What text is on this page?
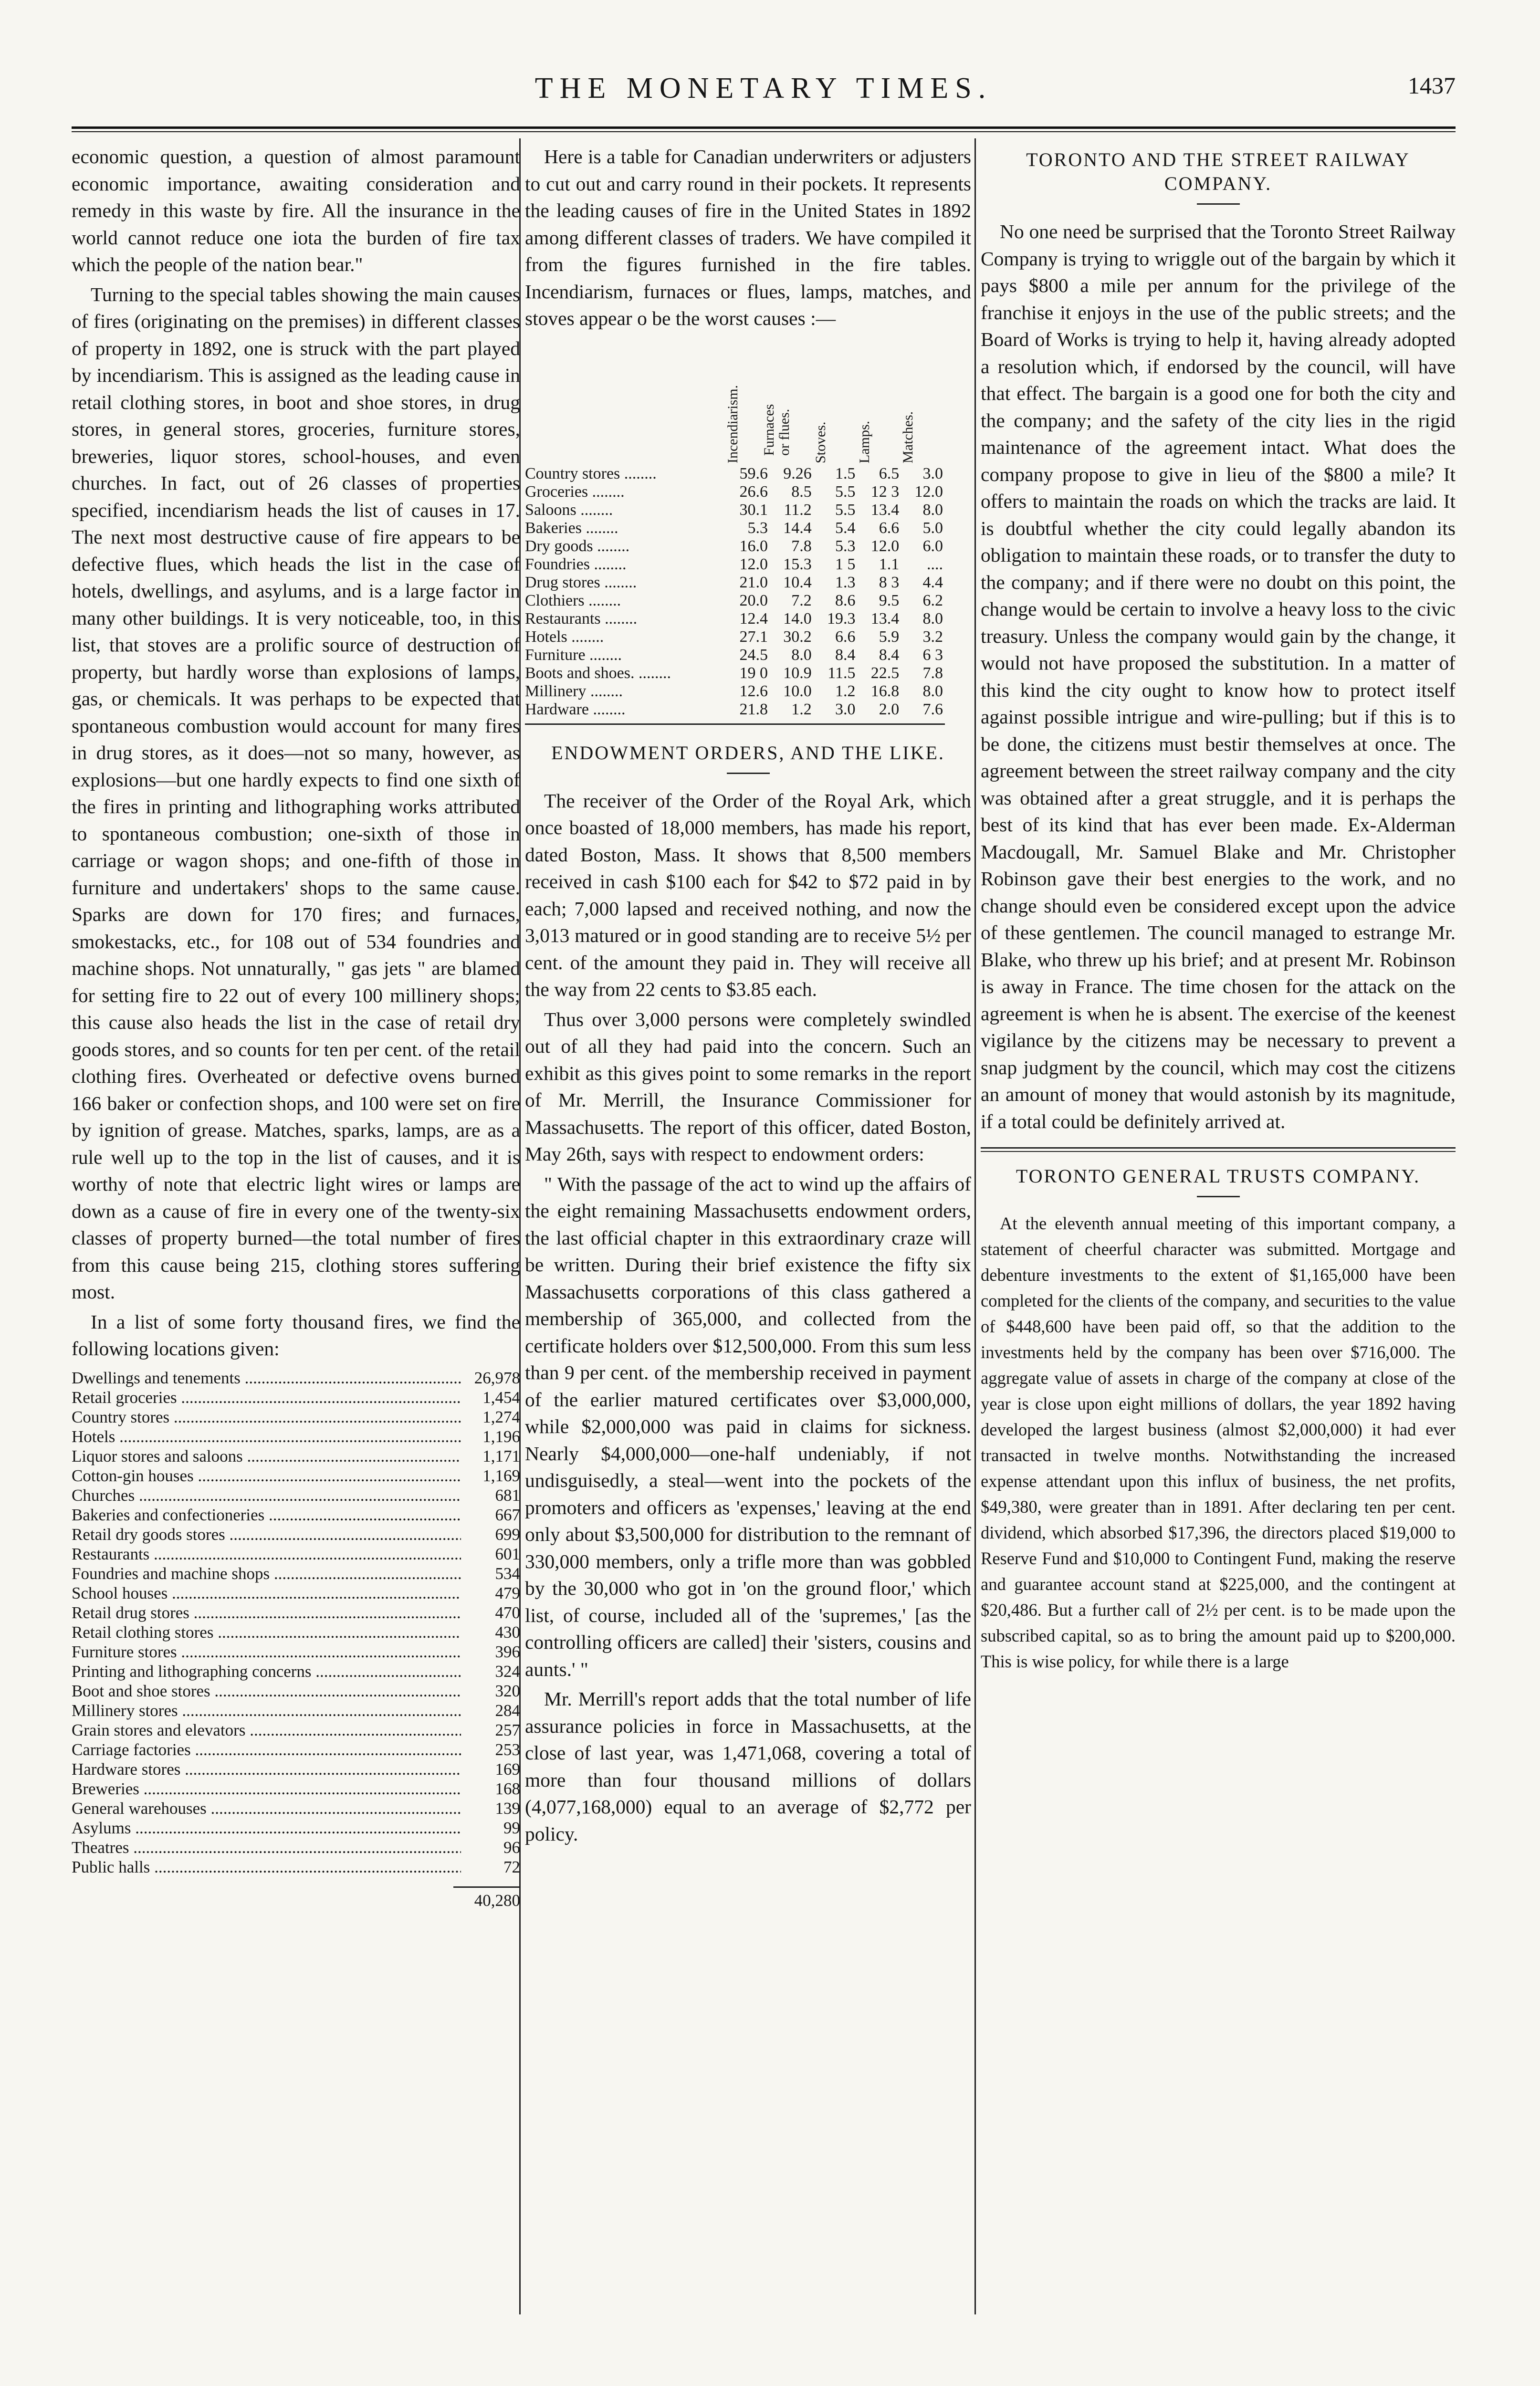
THE MONETARY TIMES.	1437

economic question, a question of almost paramount economic importance, awaiting consideration and remedy in this waste by fire. All the insurance in the world cannot reduce one iota the burden of fire tax which the people of the nation bear."

Turning to the special tables showing the main causes of fires (originating on the premises) in different classes of property in 1892, one is struck with the part played by incendiarism. This is assigned as the leading cause in retail clothing stores, in boot and shoe stores, in drug stores, in general stores, groceries, furniture stores, breweries, liquor stores, school-houses, and even churches. In fact, out of 26 classes of properties specified, incendiarism heads the list of causes in 17. The next most destructive cause of fire appears to be defective flues, which heads the list in the case of hotels, dwellings, and asylums, and is a large factor in many other buildings. It is very noticeable, too, in this list, that stoves are a prolific source of destruction of property, but hardly worse than explosions of lamps, gas, or chemicals. It was perhaps to be expected that spontaneous combustion would account for many fires in drug stores, as it does—not so many, however, as explosions—but one hardly expects to find one sixth of the fires in printing and lithographing works attributed to spontaneous combustion; one-sixth of those in carriage or wagon shops; and one-fifth of those in furniture and undertakers' shops to the same cause. Sparks are down for 170 fires; and furnaces, smokestacks, etc., for 108 out of 534 foundries and machine shops. Not unnaturally, " gas jets " are blamed for setting fire to 22 out of every 100 millinery shops; this cause also heads the list in the case of retail dry goods stores, and so counts for ten per cent. of the retail clothing fires. Overheated or defective ovens burned 166 baker or confection shops, and 100 were set on fire by ignition of grease. Matches, sparks, lamps, are as a rule well up to the top in the list of causes, and it is worthy of note that electric light wires or lamps are down as a cause of fire in every one of the twenty-six classes of property burned—the total number of fires from this cause being 215, clothing stores suffering most.

In a list of some forty thousand fires, we find the following locations given:

Dwellings and tenements .....	26,978
Retail groceries .....	1,454
Country stores .....	1,274
Hotels .....	1,196
Liquor stores and saloons .....	1,171
Cotton-gin houses .....	1,169
Churches .....	681
Bakeries and confectioneries .....	667
Retail dry goods stores .....	699
Restaurants .....	601
Foundries and machine shops .....	534
School houses .....	479
Retail drug stores .....	470
Retail clothing stores .....	430
Furniture stores .....	396
Printing and lithographing concerns .....	324
Boot and shoe stores .....	320
Millinery stores .....	284
Grain stores and elevators .....	257
Carriage factories .....	253
Hardware stores .....	169
Breweries .....	168
General warehouses .....	139
Asylums .....	99
Theatres .....	96
Public halls .....	72
40,280

Here is a table for Canadian underwriters or adjusters to cut out and carry round in their pockets. It represents the leading causes of fire in the United States in 1892 among different classes of traders. We have compiled it from the figures furnished in the fire tables. Incendiarism, furnaces or flues, lamps, matches, and stoves appear o be the worst causes :—

	Incendiarism.	Furnaces
or flues.	Stoves.	Lamps.	Matches.
Country stores .....	59.6	9.26	1.5	6.5	3.0
Groceries .....	26.6	8.5	5.5	12 3	12.0
Saloons .....	30.1	11.2	5.5	13.4	8.0
Bakeries .....	5.3	14.4	5.4	6.6	5.0
Dry goods .....	16.0	7.8	5.3	12.0	6.0
Foundries .....	12.0	15.3	1 5	1.1	....
Drug stores .....	21.0	10.4	1.3	8 3	4.4
Clothiers .....	20.0	7.2	8.6	9.5	6.2
Restaurants .....	12.4	14.0	19.3	13.4	8.0
Hotels .....	27.1	30.2	6.6	5.9	3.2
Furniture .....	24.5	8.0	8.4	8.4	6 3
Boots and shoes. .....	19 0	10.9	11.5	22.5	7.8
Millinery .....	12.6	10.0	1.2	16.8	8.0
Hardware .....	21.8	1.2	3.0	2.0	7.6
ENDOWMENT ORDERS, AND THE LIKE.

The receiver of the Order of the Royal Ark, which once boasted of 18,000 members, has made his report, dated Boston, Mass. It shows that 8,500 members received in cash $100 each for $42 to $72 paid in by each; 7,000 lapsed and received nothing, and now the 3,013 matured or in good standing are to receive 5½ per cent. of the amount they paid in. They will receive all the way from 22 cents to $3.85 each.

Thus over 3,000 persons were completely swindled out of all they had paid into the concern. Such an exhibit as this gives point to some remarks in the report of Mr. Merrill, the Insurance Commissioner for Massachusetts. The report of this officer, dated Boston, May 26th, says with respect to endowment orders:

" With the passage of the act to wind up the affairs of the eight remaining Massachusetts endowment orders, the last official chapter in this extraordinary craze will be written. During their brief existence the fifty six Massachusetts corporations of this class gathered a membership of 365,000, and collected from the certificate holders over $12,500,000. From this sum less than 9 per cent. of the membership received in payment of the earlier matured certificates over $3,000,000, while $2,000,000 was paid in claims for sickness. Nearly $4,000,000—one-half undeniably, if not undisguisedly, a steal—went into the pockets of the promoters and officers as 'expenses,' leaving at the end only about $3,500,000 for distribution to the remnant of 330,000 members, only a trifle more than was gobbled by the 30,000 who got in 'on the ground floor,' which list, of course, included all of the 'supremes,' [as the controlling officers are called] their 'sisters, cousins and aunts.' "

Mr. Merrill's report adds that the total number of life assurance policies in force in Massachusetts, at the close of last year, was 1,471,068, covering a total of more than four thousand millions of dollars (4,077,168,000) equal to an average of $2,772 per policy.

TORONTO AND THE STREET RAILWAY COMPANY.

No one need be surprised that the Toronto Street Railway Company is trying to wriggle out of the bargain by which it pays $800 a mile per annum for the privilege of the franchise it enjoys in the use of the public streets; and the Board of Works is trying to help it, having already adopted a resolution which, if endorsed by the council, will have that effect. The bargain is a good one for both the city and the company; and the safety of the city lies in the rigid maintenance of the agreement intact. What does the company propose to give in lieu of the $800 a mile? It offers to maintain the roads on which the tracks are laid. It is doubtful whether the city could legally abandon its obligation to maintain these roads, or to transfer the duty to the company; and if there were no doubt on this point, the change would be certain to involve a heavy loss to the civic treasury. Unless the company would gain by the change, it would not have proposed the substitution. In a matter of this kind the city ought to know how to protect itself against possible intrigue and wire-pulling; but if this is to be done, the citizens must bestir themselves at once. The agreement between the street railway company and the city was obtained after a great struggle, and it is perhaps the best of its kind that has ever been made. Ex-Alderman Macdougall, Mr. Samuel Blake and Mr. Christopher Robinson gave their best energies to the work, and no change should even be considered except upon the advice of these gentlemen. The council managed to estrange Mr. Blake, who threw up his brief; and at present Mr. Robinson is away in France. The time chosen for the attack on the agreement is when he is absent. The exercise of the keenest vigilance by the citizens may be necessary to prevent a snap judgment by the council, which may cost the citizens an amount of money that would astonish by its magnitude, if a total could be definitely arrived at.

TORONTO GENERAL TRUSTS COMPANY.

At the eleventh annual meeting of this important company, a statement of cheerful character was submitted. Mortgage and debenture investments to the extent of $1,165,000 have been completed for the clients of the company, and securities to the value of $448,600 have been paid off, so that the addition to the investments held by the company has been over $716,000. The aggregate value of assets in charge of the company at close of the year is close upon eight millions of dollars, the year 1892 having developed the largest business (almost $2,000,000) it had ever transacted in twelve months. Notwithstanding the increased expense attendant upon this influx of business, the net profits, $49,380, were greater than in 1891. After declaring ten per cent. dividend, which absorbed $17,396, the directors placed $19,000 to Reserve Fund and $10,000 to Contingent Fund, making the reserve and guarantee account stand at $225,000, and the contingent at $20,486. But a further call of 2½ per cent. is to be made upon the subscribed capital, so as to bring the amount paid up to $200,000. This is wise policy, for while there is a large
